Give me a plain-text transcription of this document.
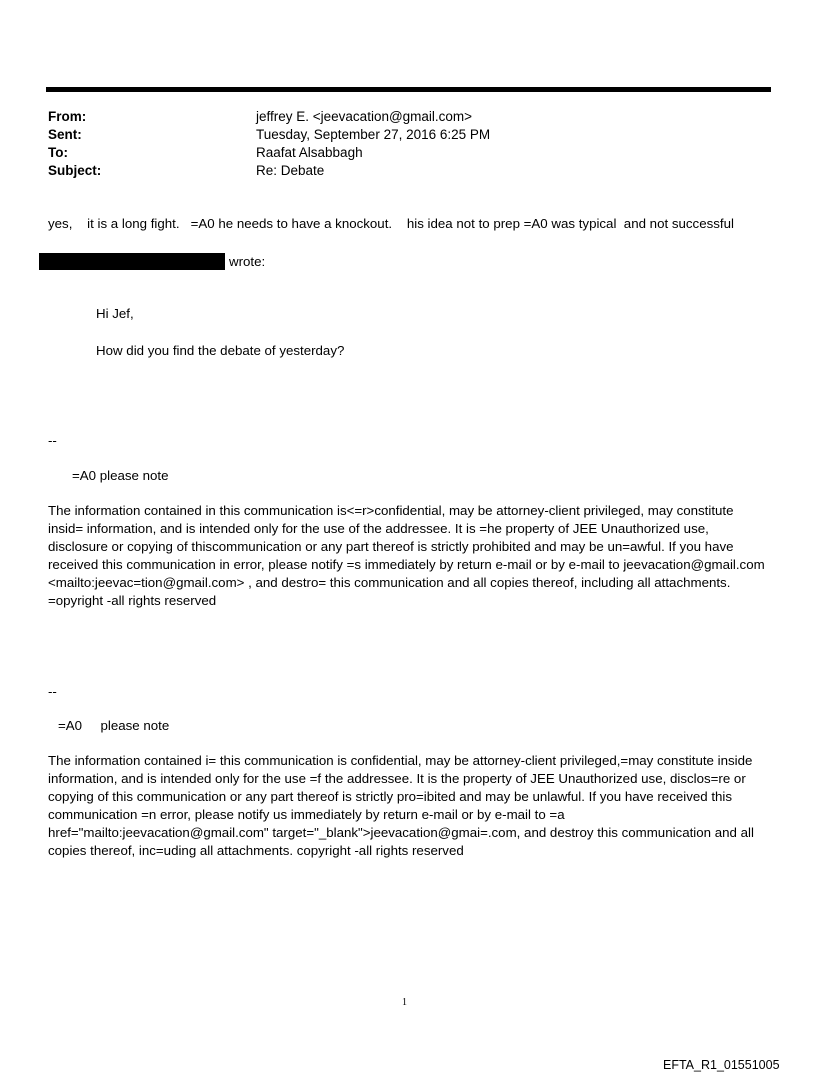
From:	jeffrey E. <jeevacation@gmail.com>
Sent:	Tuesday, September 27, 2016 6:25 PM
To:	Raafat Alsabbagh
Subject:	Re: Debate
yes,    it is a long fight.   =A0 he needs to have a knockout.    his idea not to prep =A0 was typical  and not successful
wrote:
Hi Jef,
How did you find the debate of yesterday?
--
=A0 please note
The information contained in this communication is<=r>confidential, may be attorney-client privileged, may constitute insid= information, and is intended only for the use of the addressee. It is =he property of JEE Unauthorized use, disclosure or copying of thiscommunication or any part thereof is strictly prohibited and may be un=awful. If you have received this communication in error, please notify =s immediately by return e-mail or by e-mail to jeevacation@gmail.com <mailto:jeevac=tion@gmail.com> , and destro= this communication and all copies thereof, including all attachments. =opyright -all rights reserved
--
=A0     please note
The information contained i= this communication is confidential, may be attorney-client privileged,=may constitute inside information, and is intended only for the use =f the addressee. It is the property of JEE Unauthorized use, disclos=re or copying of this communication or any part thereof is strictly pro=ibited and may be unlawful. If you have received this communication =n error, please notify us immediately by return e-mail or by e-mail to =a href="mailto:jeevacation@gmail.com" target="_blank">jeevacation@gmai=.com, and destroy this communication and all copies thereof, inc=uding all attachments. copyright -all rights reserved
1
EFTA_R1_01551005
